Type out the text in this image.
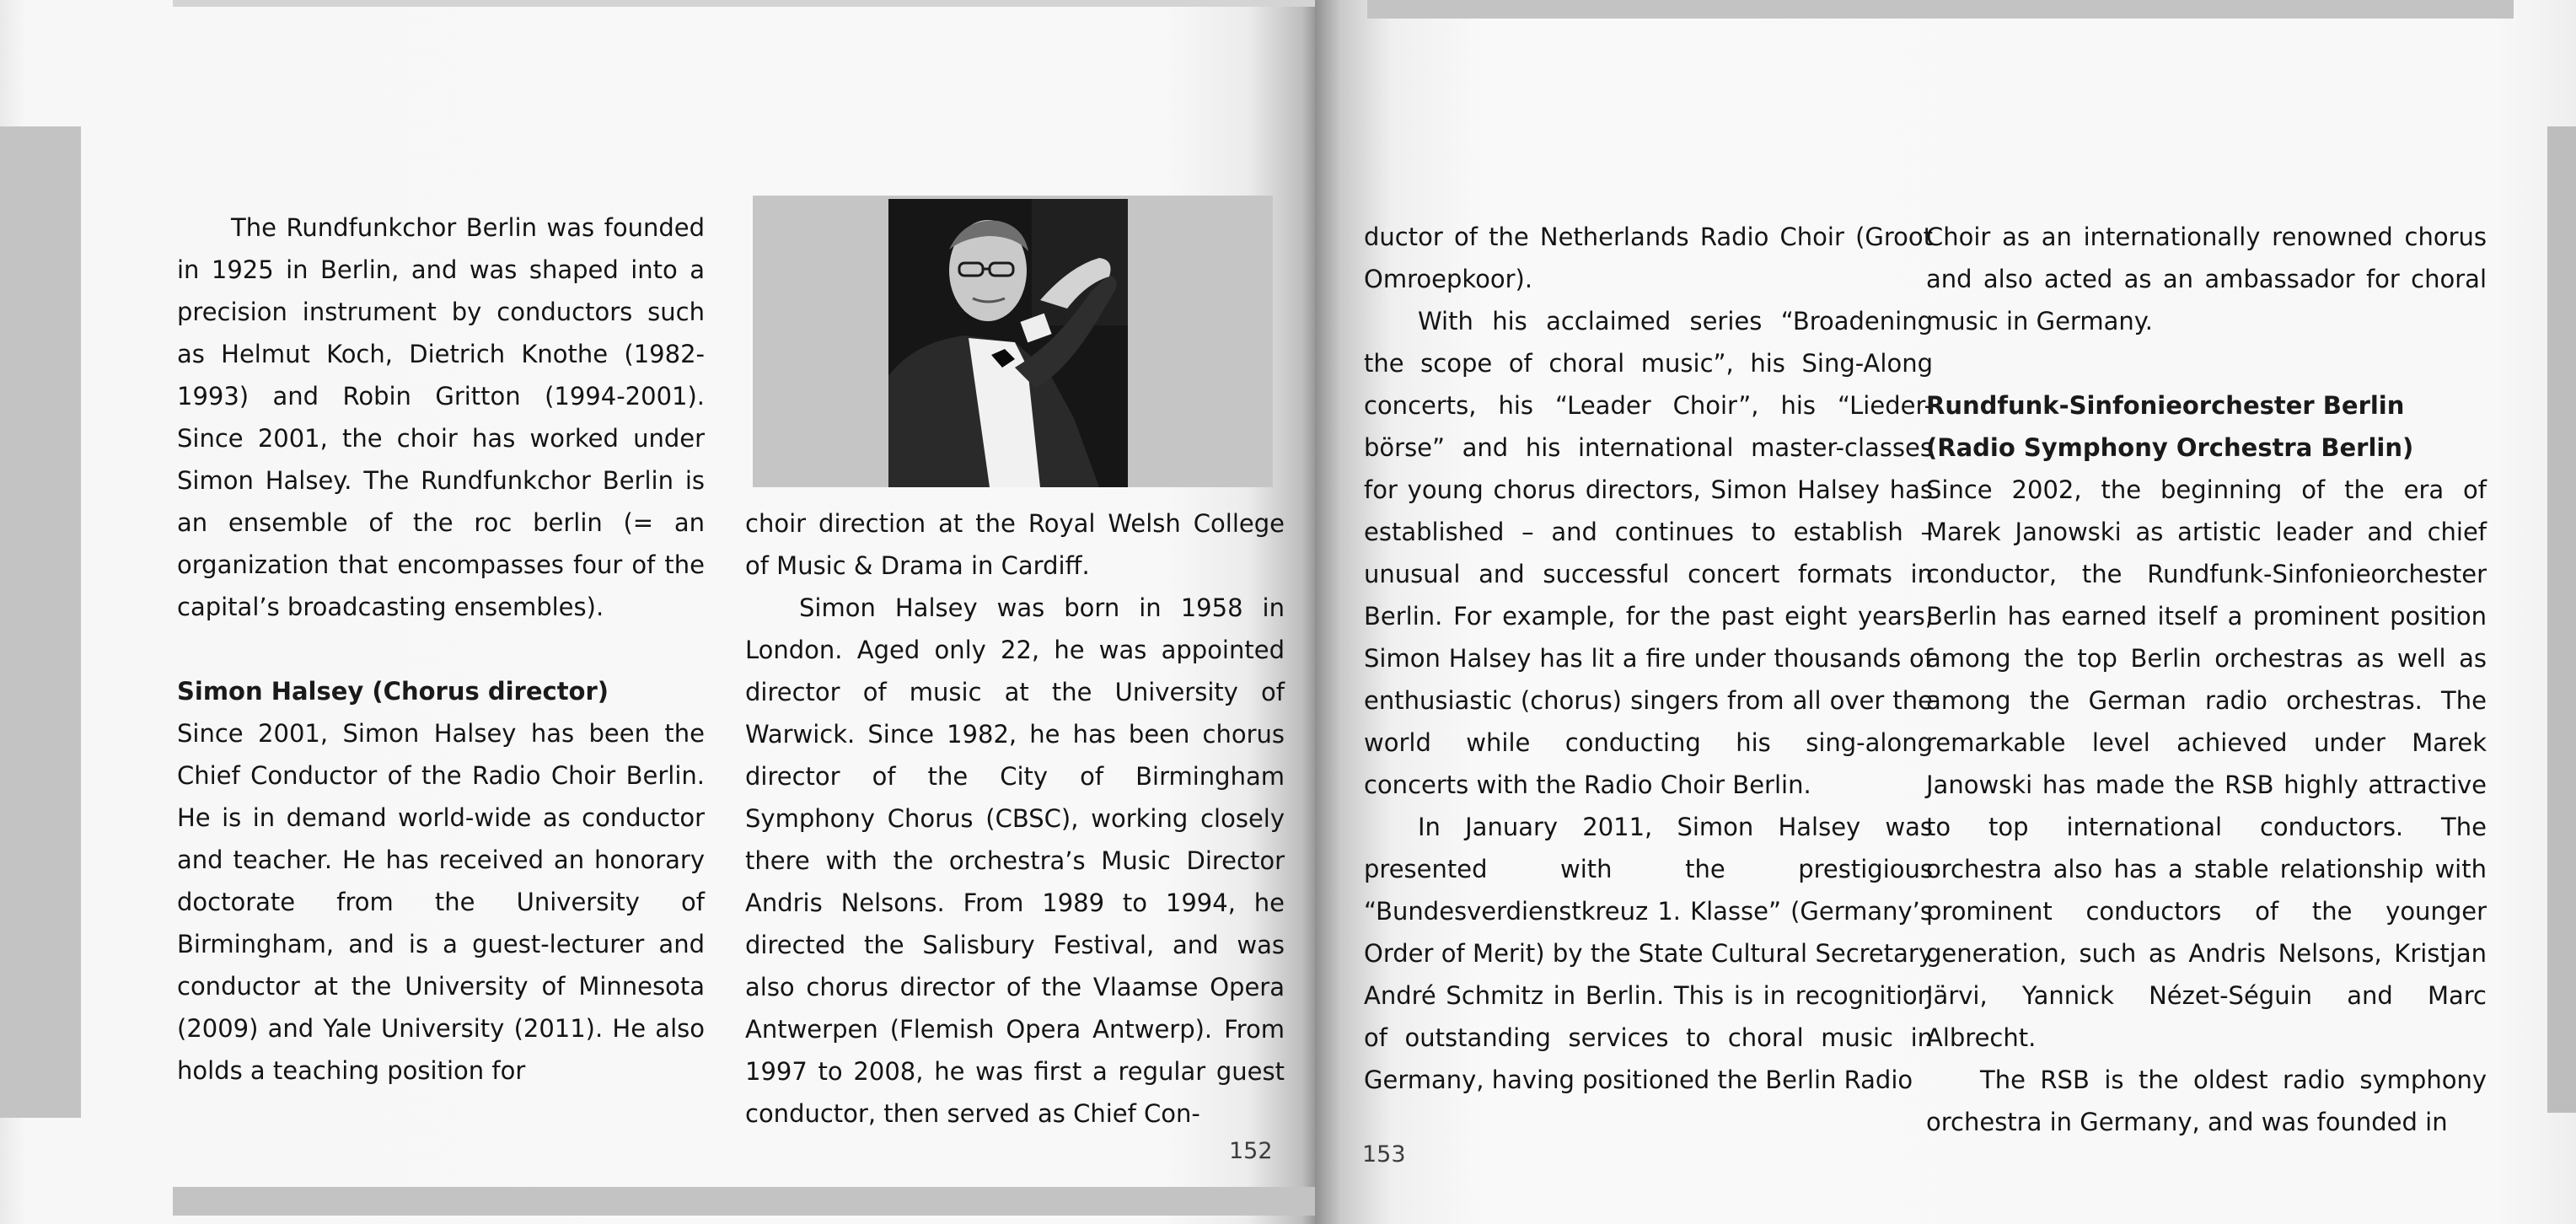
The Rundfunkchor Berlin was founded in 1925 in Berlin, and was shaped into a precision instrument by conductors such as Helmut Koch, Dietrich Knothe (1982-1993) and Robin Gritton (1994-2001). Since 2001, the choir has worked under Simon Halsey. The Rundfunkchor Berlin is an ensemble of the roc berlin (= an organization that encompasses four of the capital’s broadcasting ensembles).

Simon Halsey (Chorus director)

Since 2001, Simon Halsey has been the Chief Conductor of the Radio Choir Berlin. He is in demand world-wide as conductor and teacher. He has received an honorary doctorate from the University of Birmingham, and is a guest-lecturer and conductor at the University of Minnesota (2009) and Yale University (2011). He also holds a teaching position for

choir direction at the Royal Welsh College of Music & Drama in Cardiff.

Simon Halsey was born in 1958 in London. Aged only 22, he was appointed director of music at the University of Warwick. Since 1982, he has been chorus director of the City of Birmingham Symphony Chorus (CBSC), working closely there with the orchestra’s Music Director Andris Nelsons. From 1989 to 1994, he directed the Salisbury Festival, and was also chorus director of the Vlaamse Opera Antwerpen (Flemish Opera Antwerp). From 1997 to 2008, he was first a regular guest conductor, then served as Chief Con-

152

ductor of the Netherlands Radio Choir (Groot Omroepkoor).

With his acclaimed series “Broadening the scope of choral music”, his Sing-Along concerts, his “Leader Choir”, his “Lieder-börse” and his international master-classes for young chorus directors, Simon Halsey has established – and continues to establish – unusual and successful concert formats in Berlin. For example, for the past eight years, Simon Halsey has lit a fire under thousands of enthusiastic (chorus) singers from all over the world while conducting his sing-along concerts with the Radio Choir Berlin.

In January 2011, Simon Halsey was presented with the prestigious “Bundesverdienstkreuz 1. Klasse” (Germany’s Order of Merit) by the State Cultural Secretary André Schmitz in Berlin. This is in recognition of outstanding services to choral music in Germany, having positioned the Berlin Radio

Choir as an internationally renowned chorus and also acted as an ambassador for choral music in Germany.

Rundfunk-Sinfonieorchester Berlin
(Radio Symphony Orchestra Berlin)

Since 2002, the beginning of the era of Marek Janowski as artistic leader and chief conductor, the Rundfunk-Sinfonieorchester Berlin has earned itself a prominent position among the top Berlin orchestras as well as among the German radio orchestras. The remarkable level achieved under Marek Janowski has made the RSB highly attractive to top international conductors. The orchestra also has a stable relationship with prominent conductors of the younger generation, such as Andris Nelsons, Kristjan Järvi, Yannick Nézet-Séguin and Marc Albrecht.

The RSB is the oldest radio symphony orchestra in Germany, and was founded in

153
